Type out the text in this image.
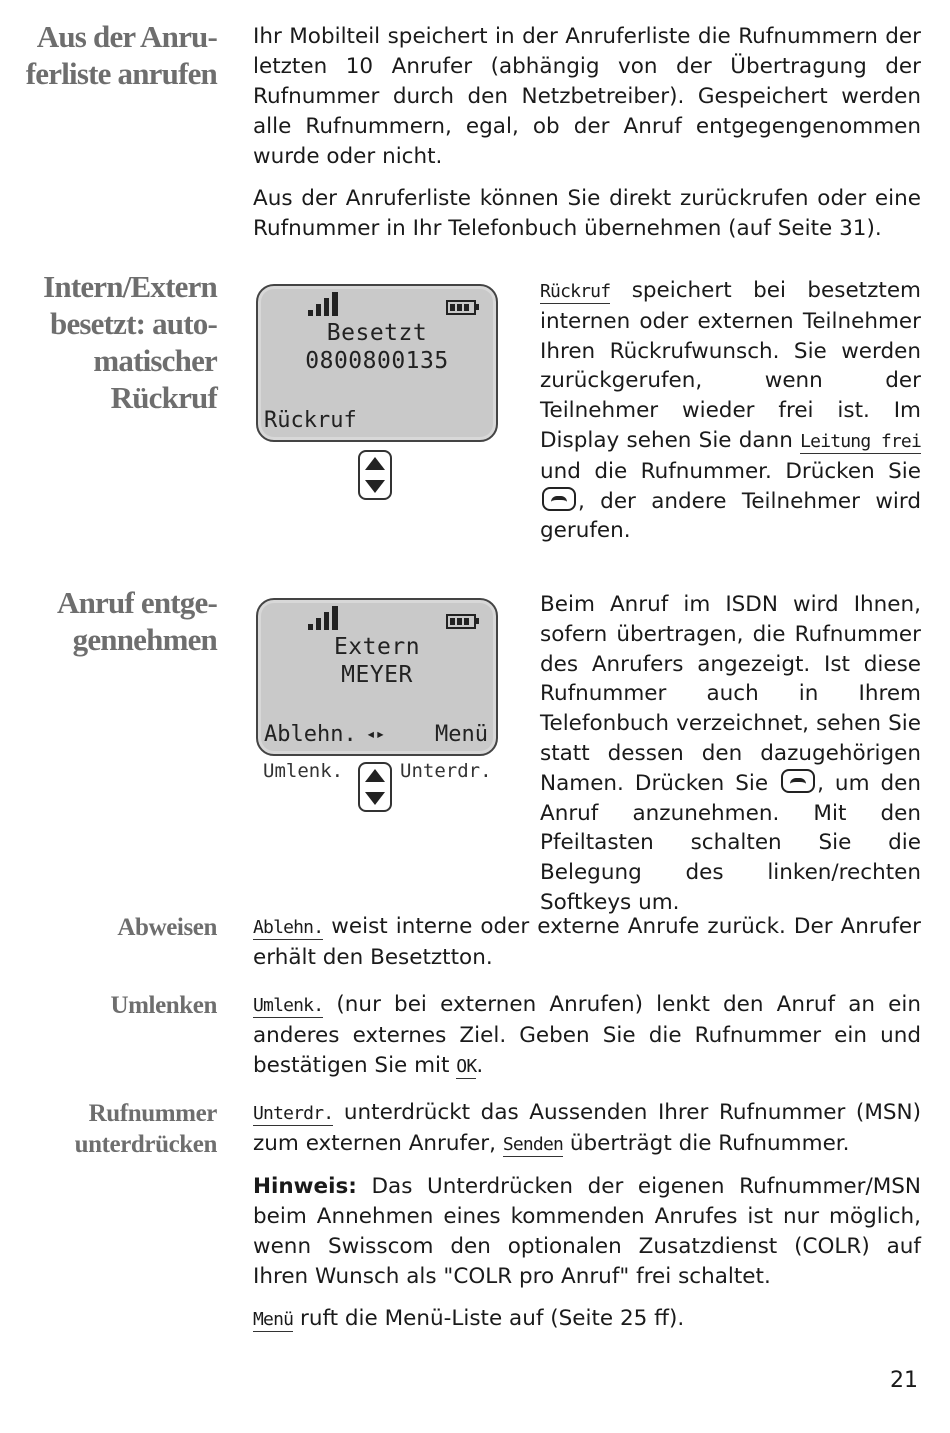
Aus der Anru-
ferliste anrufen
Intern/Extern
besetzt: auto-
matischer
Rückruf
Anruf entge-
gennehmen
Abweisen
Umlenken
Rufnummer
unterdrücken

Ihr Mobilteil speichert in der Anruferliste die Rufnummern der letzten 10 Anrufer (abhängig von der Übertragung der Rufnummer durch den Netzbetreiber). Gespeichert werden alle Rufnummern, egal, ob der Anruf entgegengenommen wurde oder nicht.

Aus der Anruferliste können Sie direkt zurückrufen oder eine Rufnummer in Ihr Telefonbuch übernehmen (auf Seite 31).

Besetzt
0800800135
Rückruf

Rückruf speichert bei besetztem internen oder externen Teilnehmer Ihren Rückrufwunsch. Sie werden zurückgerufen, wenn der Teilnehmer wieder frei ist. Im Display sehen Sie dann Leitung frei und die Rufnummer. Drücken Sie , der andere Teilnehmer wird gerufen.

Extern
MEYER
Ablehn. ◂▸ Menü
Umlenk.	Unterdr.

Beim Anruf im ISDN wird Ihnen, sofern übertragen, die Rufnummer des Anrufers angezeigt. Ist diese Rufnummer auch in Ihrem Telefonbuch verzeichnet, sehen Sie statt dessen den dazugehörigen Namen. Drücken Sie , um den Anruf anzunehmen. Mit den Pfeiltasten schalten Sie die Belegung des linken/rechten Softkeys um.

Ablehn. weist interne oder externe Anrufe zurück. Der Anrufer erhält den Besetztton.

Umlenk. (nur bei externen Anrufen) lenkt den Anruf an ein anderes externes Ziel. Geben Sie die Rufnummer ein und bestätigen Sie mit OK.

Unterdr. unterdrückt das Aussenden Ihrer Rufnummer (MSN) zum externen Anrufer, Senden überträgt die Rufnummer.

Hinweis: Das Unterdrücken der eigenen Rufnummer/MSN beim Annehmen eines kommenden Anrufes ist nur möglich, wenn Swisscom den optionalen Zusatzdienst (COLR) auf Ihren Wunsch als "COLR pro Anruf" frei schaltet.

Menü ruft die Menü-Liste auf (Seite 25 ff).

21
